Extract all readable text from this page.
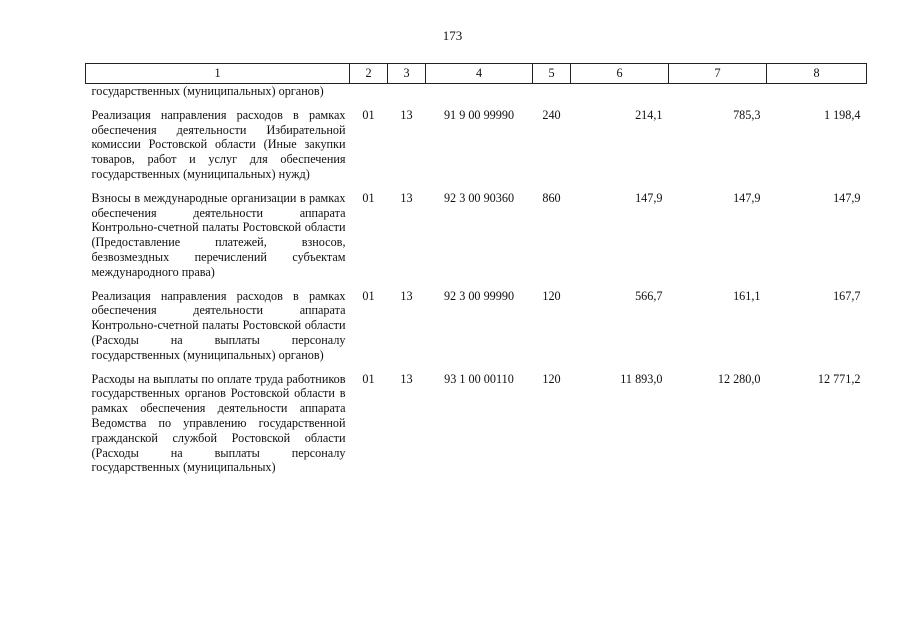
173
1	2	3	4	5	6	7	8
государственных (муниципальных) органов)							
Реализация направления расходов в рамках обеспечения деятельности Избирательной комиссии Ростовской области (Иные закупки товаров, работ и услуг для обеспечения государственных (муниципальных) нужд)	01	13	91 9 00 99990	240	214,1	785,3	1 198,4
Взносы в международные организации в рамках обеспечения деятельности аппарата Контрольно-счетной палаты Ростовской области (Предоставление платежей, взносов, безвозмездных перечислений субъектам международного права)	01	13	92 3 00 90360	860	147,9	147,9	147,9
Реализация направления расходов в рамках обеспечения деятельности аппарата Контрольно-счетной палаты Ростовской области (Расходы на выплаты персоналу государственных (муниципальных) органов)	01	13	92 3 00 99990	120	566,7	161,1	167,7
Расходы на выплаты по оплате труда работников государственных органов Ростовской области в рамках обеспечения деятельности аппарата Ведомства по управлению государственной гражданской службой Ростовской области (Расходы на выплаты персоналу государственных (муниципальных)	01	13	93 1 00 00110	120	11 893,0	12 280,0	12 771,2
